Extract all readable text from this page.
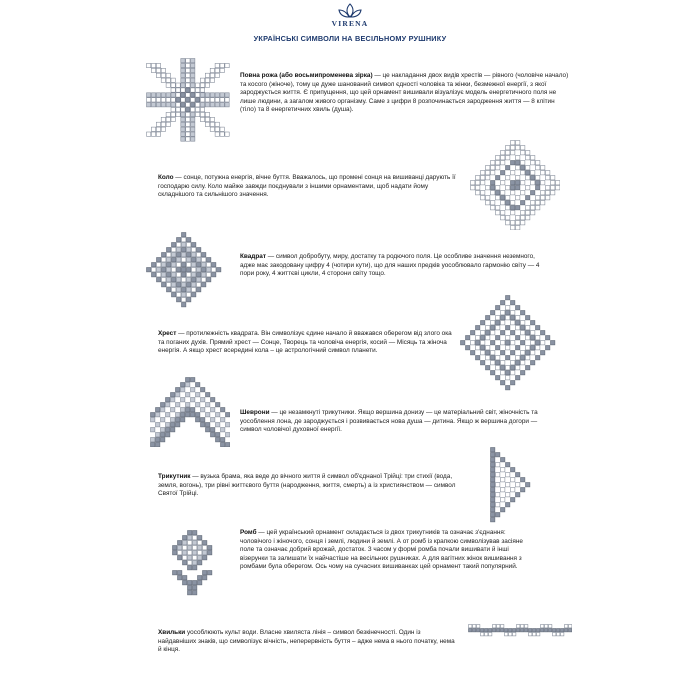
VIRENA
УКРАЇНСЬКІ СИМВОЛИ НА ВЕСІЛЬНОМУ РУШНИКУ

Повна рожа (або восьмипроменева зірка) — це накладання двох видів хрестів — рівного (чоловіче начало) та косого (жіноче), тому це дуже шанований символ єдності чоловіка та жінки, безмежної енергії, з якої зароджується життя. Є припущення, що цей орнамент вишивали візуалізує модель енергетичного поля не лише людини, а загалом живого організму. Саме з цифри 8 розпочинається зародження життя — 8 клітин (тіло) та 8 енергетичних хвиль (душа).

Коло — сонце, потужна енергія, вічне буття. Вважалось, що промені сонця на вишиванці дарують її господарю силу. Коло майже завжди поєднували з іншими орнаментами, щоб надати йому складнішого та сильнішого значення.

Квадрат — символ добробуту, миру, достатку та родючого поля. Це особливе значення неземного, адже має закодовану цифру 4 (чотири кути), що для наших предків уособлювало гармонію світу — 4 пори року, 4 життєві цикли, 4 сторони світу тощо.

Хрест — протилежність квадрата. Він символізує єдине начало й вважався оберегом від злого ока та поганих духів. Прямий хрест — Сонце, Творець та чоловіча енергія, косий — Місяць та жіноча енергія. А якщо хрест всередині кола – це астрологічний символ планети.

Шеврони — це незамкнуті трикутники. Якщо вершина донизу — це матеріальний світ, жіночність та уособлення лона, де зароджується і розвивається нова душа — дитина. Якщо ж вершина догори — символ чоловічої духовної енергії.

Трикутник — вузька брама, яка веде до вічного життя й символ об'єднаної Трійці: три стихії (вода, земля, вогонь), три рівні життєвого буття (народження, життя, смерть) а із християнством — символ Святої Трійці.

Ромб — цей український орнамент складається із двох трикутників та означає з'єднання: чоловічого і жіночого, сонця і землі, людини й землі. А от ромб із крапкою символізував засіяне поле та означає добрий врожай, достаток. З часом у формі ромба почали вишивати й інші візерунки та залишати їх найчастіше на весільних рушниках. А для вагітних жінок вишивання з ромбами була оберегом. Ось чому на сучасних вишиванках цей орнамент такий популярний.

Хвильки уособлюють культ води. Власне хвиляста лінія – символ безкінечності. Один із найдавніших знаків, що символізує вічність, неперервність буття – адже нема в нього початку, нема й кінця.
